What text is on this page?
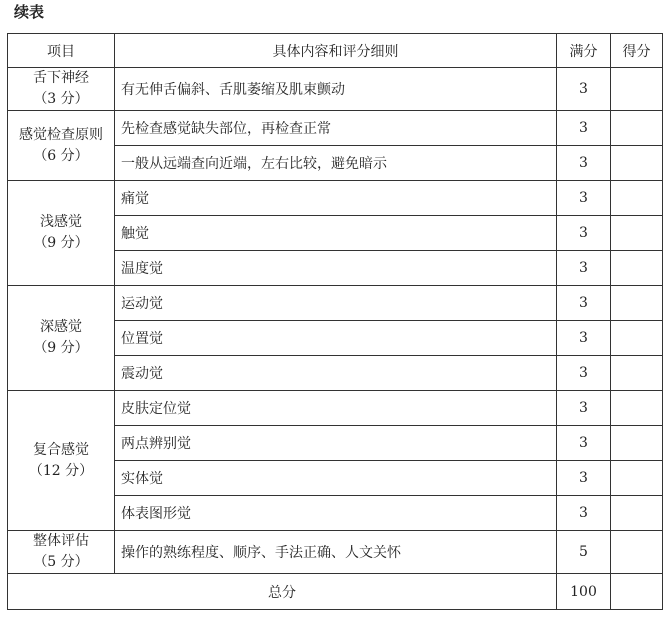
续表
项目	具体内容和评分细则	满分	得分

舌下神经
（3 分）	有无伸舌偏斜、舌肌萎缩及肌束颤动	3	

感觉检查原则
（6 分）	先检查感觉缺失部位，再检查正常	3	
	一般从远端查向近端，左右比较，避免暗示	3	

浅感觉
（9 分）	痛觉	3	
	触觉	3	
	温度觉	3	

深感觉
（9 分）	运动觉	3	
	位置觉	3	
	震动觉	3	

复合感觉
（12 分）	皮肤定位觉	3	
	两点辨别觉	3	
	实体觉	3	
	体表图形觉	3	

整体评估
（5 分）	操作的熟练程度、顺序、手法正确、人文关怀	5	
总分		100	
